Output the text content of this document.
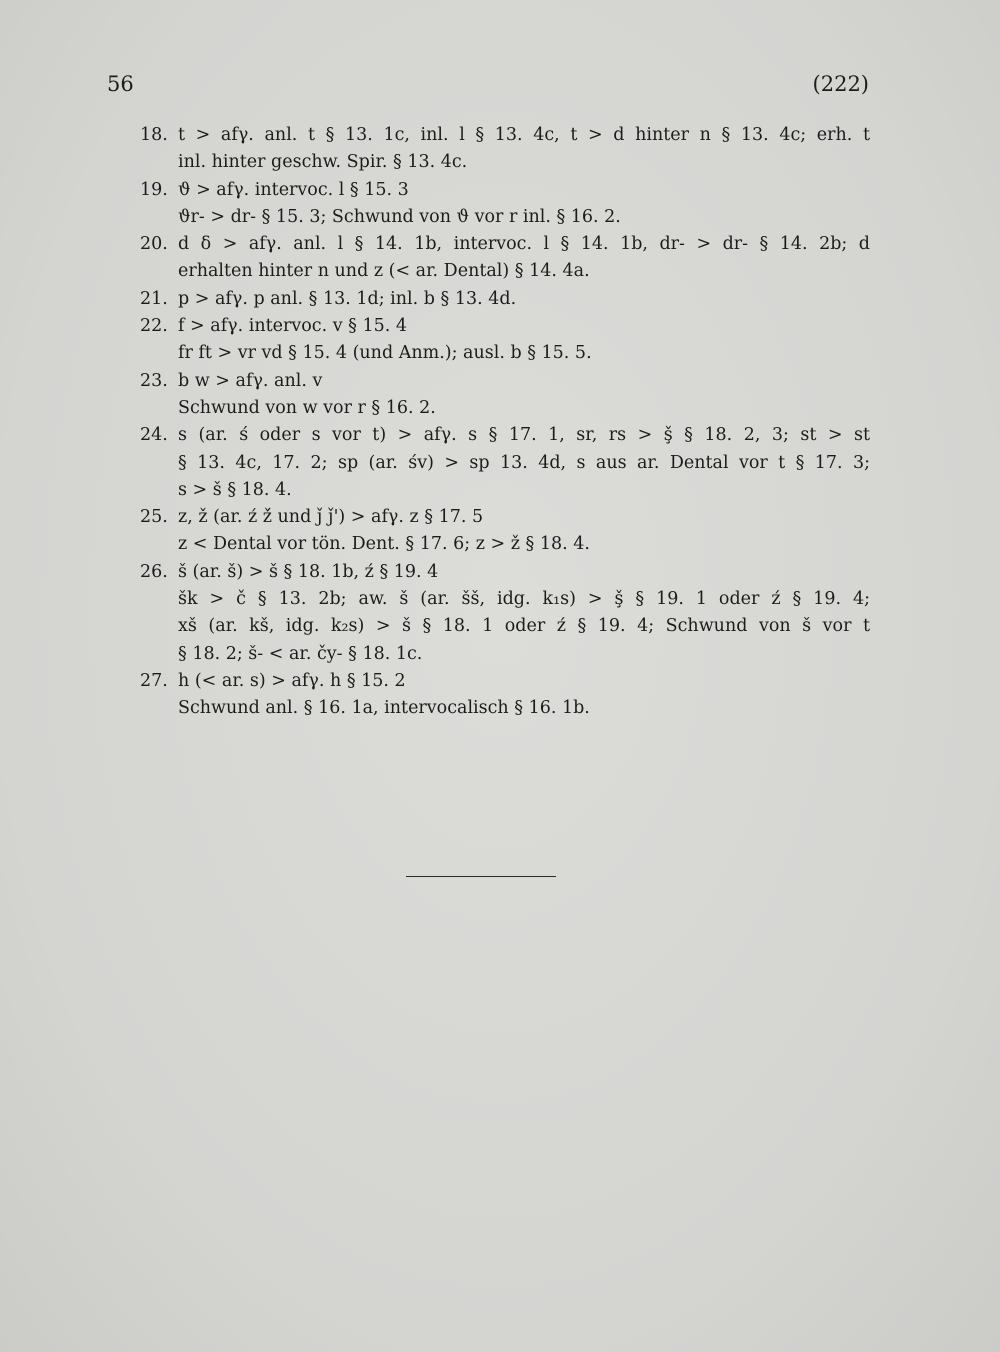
56	(222)
18. t > afγ. anl. t § 13. 1c, inl. l § 13. 4c, t > d hinter n § 13. 4c; erh. t
inl. hinter geschw. Spir. § 13. 4c.
19. ϑ > afγ. intervoc. l § 15. 3
ϑr- > dr- § 15. 3; Schwund von ϑ vor r inl. § 16. 2.
20. d δ > afγ. anl. l § 14. 1b, intervoc. l § 14. 1b, dr- > dr- § 14. 2b; d
erhalten hinter n und z (< ar. Dental) § 14. 4a.
21. p > afγ. p anl. § 13. 1d; inl. b § 13. 4d.
22. f > afγ. intervoc. v § 15. 4
fr ft > vr vd § 15. 4 (und Anm.); ausl. b § 15. 5.
23. b w > afγ. anl. v
Schwund von w vor r § 16. 2.
24. s (ar. ś oder s vor t) > afγ. s § 17. 1, sr, rs > ş̌ § 18. 2, 3; st > st
§ 13. 4c, 17. 2; sp (ar. śv) > sp 13. 4d, s aus ar. Dental vor t § 17. 3;
s > š § 18. 4.
25. z, ž (ar. ź ź̌ und ǰ ǰ') > afγ. z § 17. 5
z < Dental vor tön. Dent. § 17. 6; z > ž § 18. 4.
26. š (ar. š) > š § 18. 1b, ź § 19. 4
šk > č § 13. 2b; aw. š (ar. šš, idg. k₁s) > ş̌ § 19. 1 oder ź § 19. 4;
xš (ar. kš, idg. k₂s) > š § 18. 1 oder ź § 19. 4; Schwund von š vor t
§ 18. 2; š- < ar. čy- § 18. 1c.
27. h (< ar. s) > afγ. h § 15. 2
Schwund anl. § 16. 1a, intervocalisch § 16. 1b.
